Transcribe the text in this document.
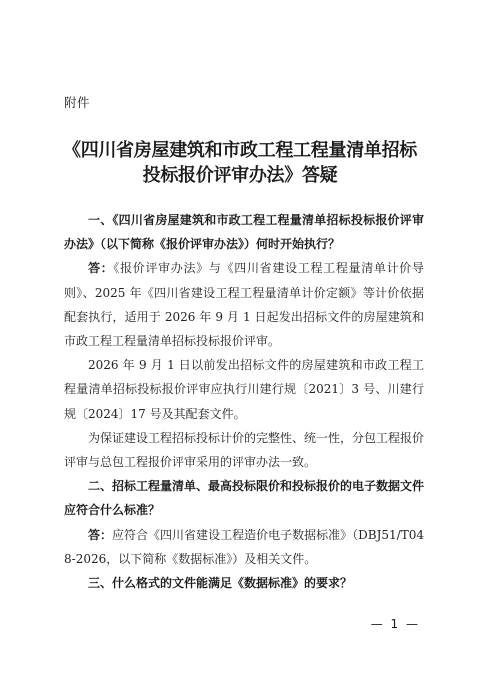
附件
《四川省房屋建筑和市政工程工程量清单招标
投标报价评审办法》答疑

一、《四川省房屋建筑和市政工程工程量清单招标投标报价评审办法》（以下简称《报价评审办法》）何时开始执行？

答：《报价评审办法》与《四川省建设工程工程量清单计价导则》、2025 年《四川省建设工程工程量清单计价定额》等计价依据配套执行，适用于 2026 年 9 月 1 日起发出招标文件的房屋建筑和市政工程工程量清单招标投标报价评审。

2026 年 9 月 1 日以前发出招标文件的房屋建筑和市政工程工程量清单招标投标报价评审应执行川建行规〔2021〕3 号、川建行规〔2024〕17 号及其配套文件。

为保证建设工程招标投标计价的完整性、统一性，分包工程报价评审与总包工程报价评审采用的评审办法一致。

二、招标工程量清单、最高投标限价和投标报价的电子数据文件应符合什么标准？

答：应符合《四川省建设工程造价电子数据标准》（DBJ51/T048-2026，以下简称《数据标准》）及相关文件。

三、什么格式的文件能满足《数据标准》的要求？

— 1 —
